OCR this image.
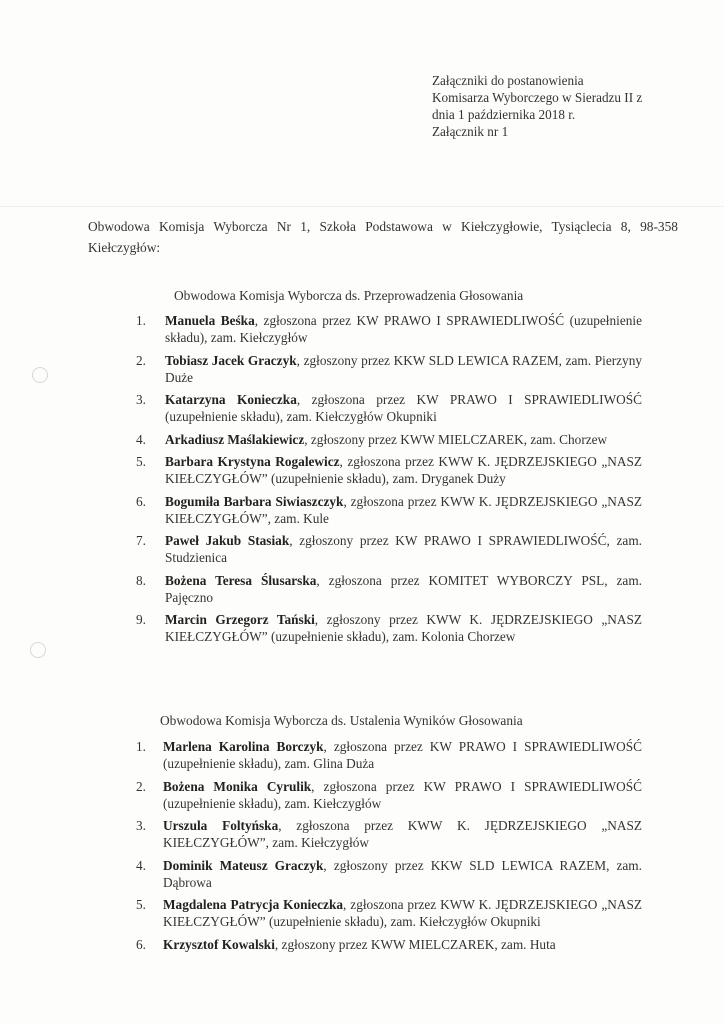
Załączniki do postanowienia
Komisarza Wyborczego w Sieradzu II z
dnia 1 października 2018 r.
Załącznik nr 1
Obwodowa Komisja Wyborcza Nr 1, Szkoła Podstawowa w Kiełczygłowie, Tysiąclecia 8, 98-358 Kiełczygłów:
Obwodowa Komisja Wyborcza ds. Przeprowadzenia Głosowania
1. Manuela Beśka, zgłoszona przez KW PRAWO I SPRAWIEDLIWOŚĆ (uzupełnienie składu), zam. Kiełczygłów
2. Tobiasz Jacek Graczyk, zgłoszony przez KKW SLD LEWICA RAZEM, zam. Pierzyny Duże
3. Katarzyna Konieczka, zgłoszona przez KW PRAWO I SPRAWIEDLIWOŚĆ (uzupełnienie składu), zam. Kiełczygłów Okupniki
4. Arkadiusz Maślakiewicz, zgłoszony przez KWW MIELCZAREK, zam. Chorzew
5. Barbara Krystyna Rogalewicz, zgłoszona przez KWW K. JĘDRZEJSKIEGO „NASZ KIEŁCZYGŁÓW” (uzupełnienie składu), zam. Dryganek Duży
6. Bogumiła Barbara Siwiaszczyk, zgłoszona przez KWW K. JĘDRZEJSKIEGO „NASZ KIEŁCZYGŁÓW”, zam. Kule
7. Paweł Jakub Stasiak, zgłoszony przez KW PRAWO I SPRAWIEDLIWOŚĆ, zam. Studzienica
8. Bożena Teresa Ślusarska, zgłoszona przez KOMITET WYBORCZY PSL, zam. Pajęczno
9. Marcin Grzegorz Tański, zgłoszony przez KWW K. JĘDRZEJSKIEGO „NASZ KIEŁCZYGŁÓW” (uzupełnienie składu), zam. Kolonia Chorzew
Obwodowa Komisja Wyborcza ds. Ustalenia Wyników Głosowania
1. Marlena Karolina Borczyk, zgłoszona przez KW PRAWO I SPRAWIEDLIWOŚĆ (uzupełnienie składu), zam. Glina Duża
2. Bożena Monika Cyrulik, zgłoszona przez KW PRAWO I SPRAWIEDLIWOŚĆ (uzupełnienie składu), zam. Kiełczygłów
3. Urszula Foltyńska, zgłoszona przez KWW K. JĘDRZEJSKIEGO „NASZ KIEŁCZYGŁÓW”, zam. Kiełczygłów
4. Dominik Mateusz Graczyk, zgłoszony przez KKW SLD LEWICA RAZEM, zam. Dąbrowa
5. Magdalena Patrycja Konieczka, zgłoszona przez KWW K. JĘDRZEJSKIEGO „NASZ KIEŁCZYGŁÓW” (uzupełnienie składu), zam. Kiełczygłów Okupniki
6. Krzysztof Kowalski, zgłoszony przez KWW MIELCZAREK, zam. Huta
